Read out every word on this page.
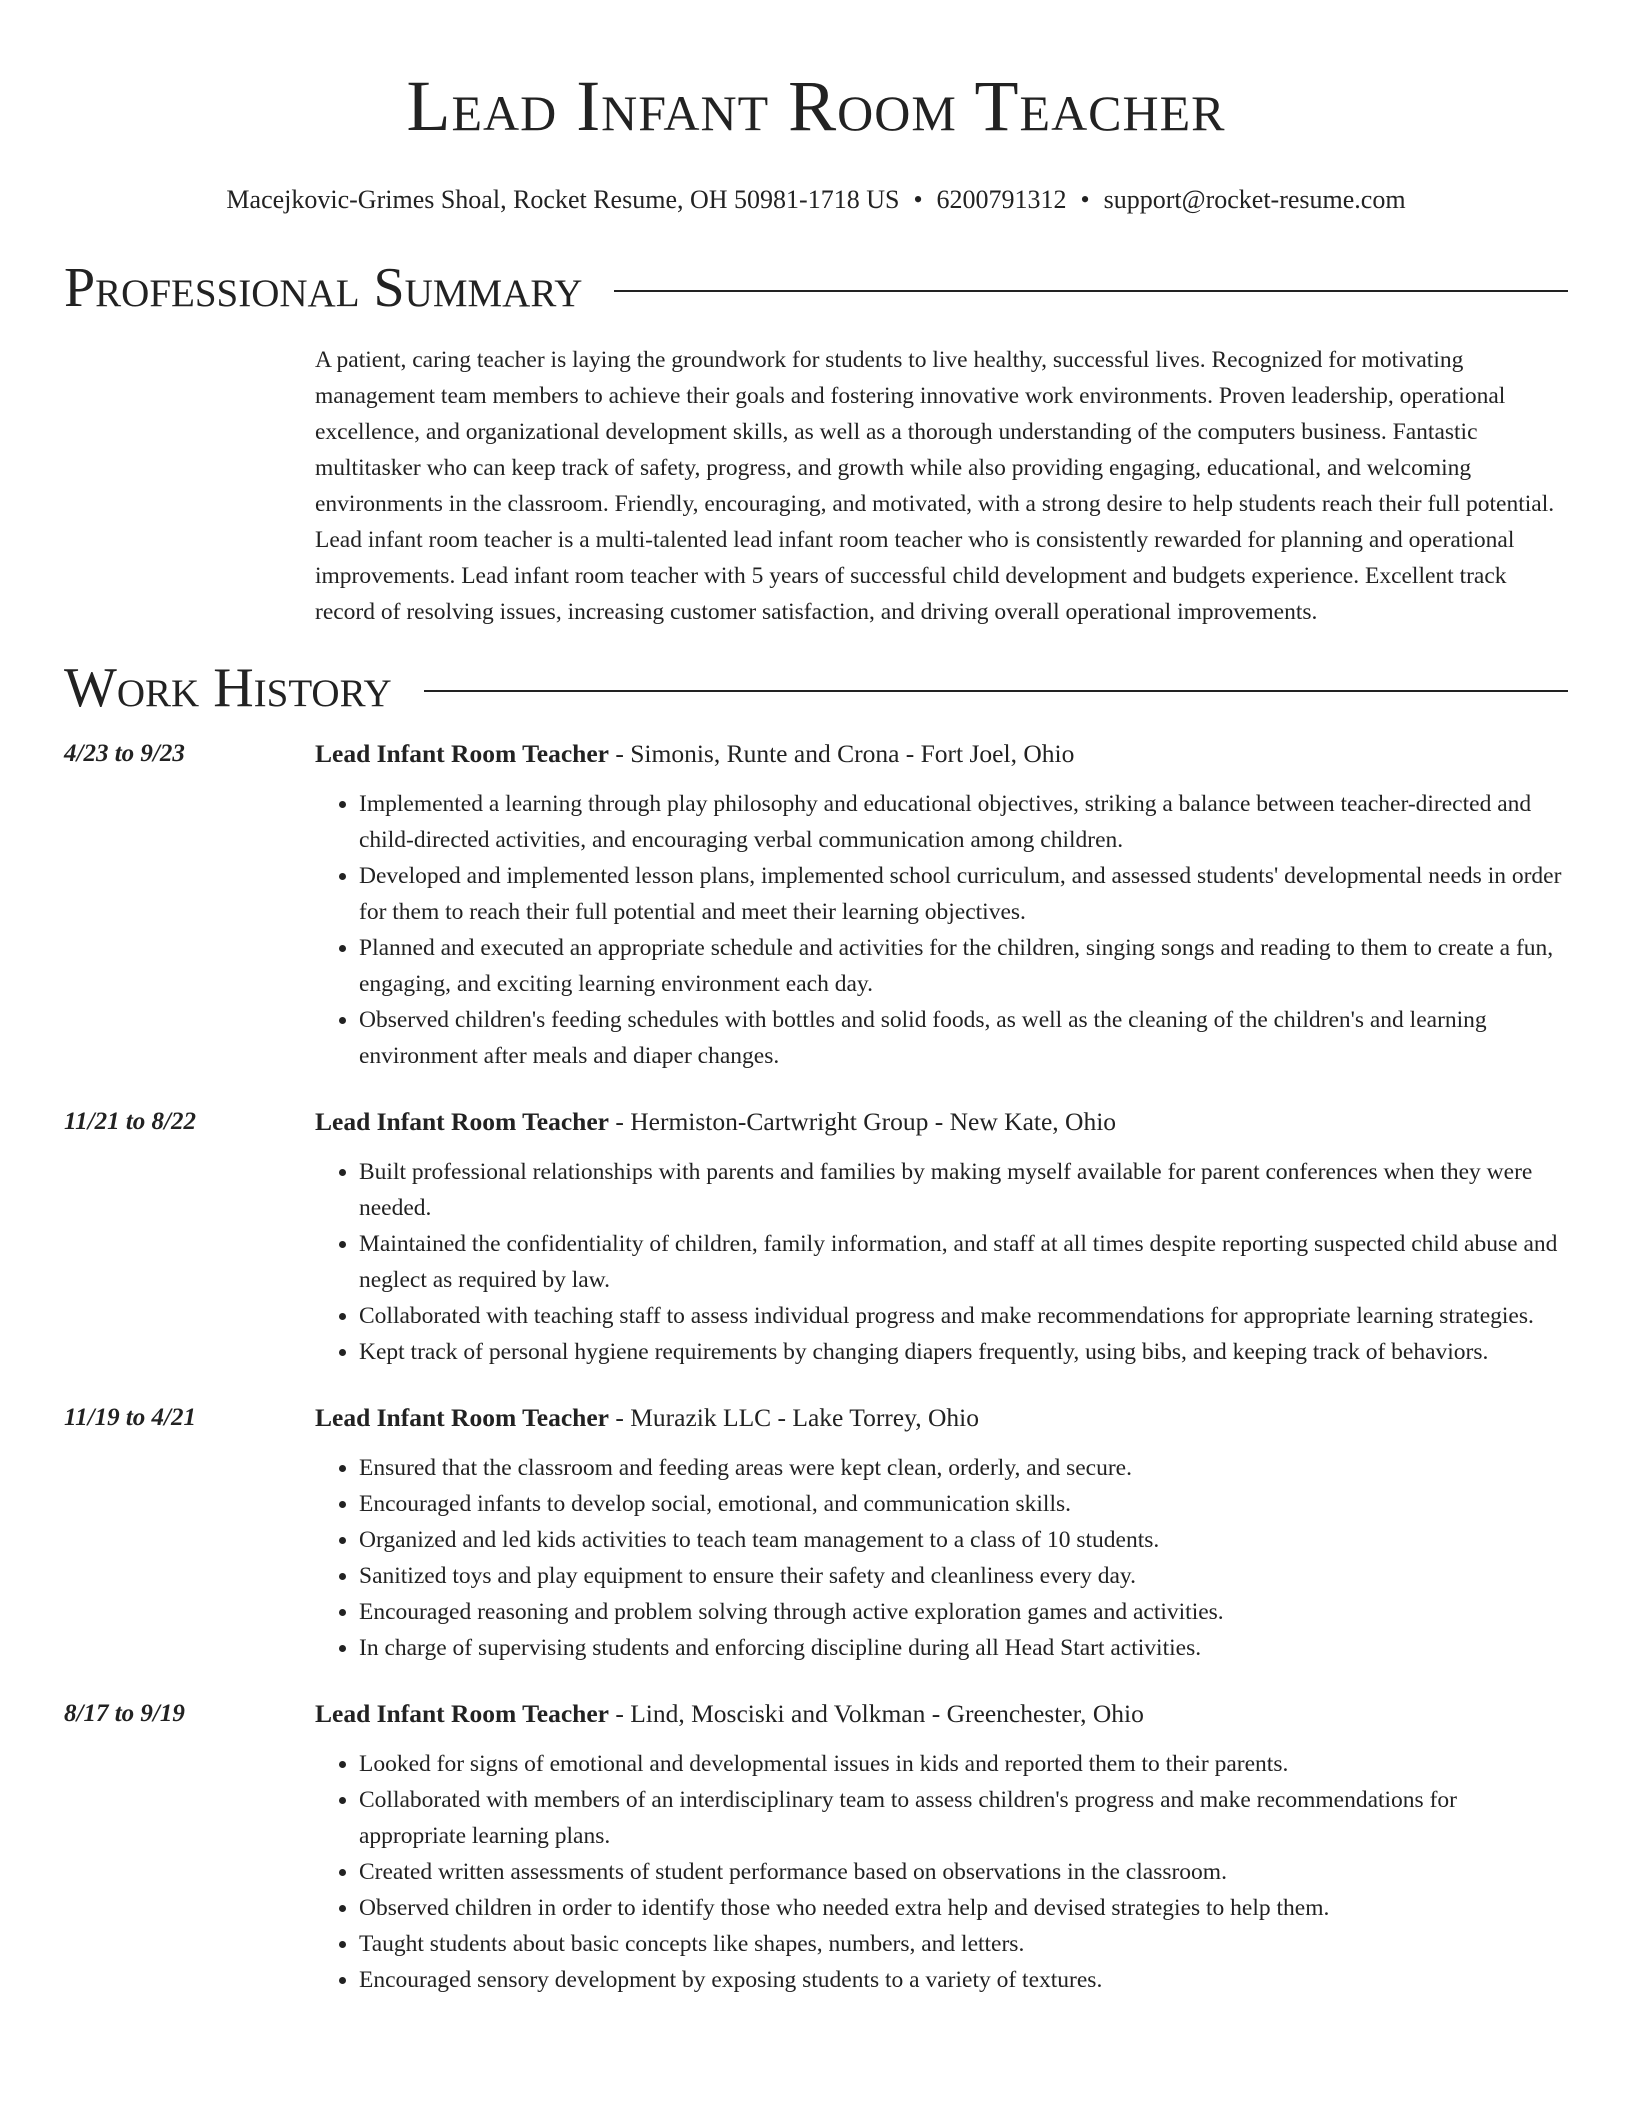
Lead Infant Room Teacher
Macejkovic-Grimes Shoal, Rocket Resume, OH 50981-1718 US • 6200791312 • support@rocket-resume.com
Professional Summary

A patient, caring teacher is laying the groundwork for students to live healthy, successful lives. Recognized for motivating management team members to achieve their goals and fostering innovative work environments. Proven leadership, operational excellence, and organizational development skills, as well as a thorough understanding of the computers business. Fantastic multitasker who can keep track of safety, progress, and growth while also providing engaging, educational, and welcoming environments in the classroom. Friendly, encouraging, and motivated, with a strong desire to help students reach their full potential. Lead infant room teacher is a multi-talented lead infant room teacher who is consistently rewarded for planning and operational improvements. Lead infant room teacher with 5 years of successful child development and budgets experience. Excellent track record of resolving issues, increasing customer satisfaction, and driving overall operational improvements.

Work History
4/23 to 9/23	Lead Infant Room Teacher - Simonis, Runte and Crona - Fort Joel, Ohio
• Implemented a learning through play philosophy and educational objectives, striking a balance between teacher-directed and child-directed activities, and encouraging verbal communication among children.
• Developed and implemented lesson plans, implemented school curriculum, and assessed students' developmental needs in order for them to reach their full potential and meet their learning objectives.
• Planned and executed an appropriate schedule and activities for the children, singing songs and reading to them to create a fun, engaging, and exciting learning environment each day.
• Observed children's feeding schedules with bottles and solid foods, as well as the cleaning of the children's and learning environment after meals and diaper changes.
11/21 to 8/22	Lead Infant Room Teacher - Hermiston-Cartwright Group - New Kate, Ohio
• Built professional relationships with parents and families by making myself available for parent conferences when they were needed.
• Maintained the confidentiality of children, family information, and staff at all times despite reporting suspected child abuse and neglect as required by law.
• Collaborated with teaching staff to assess individual progress and make recommendations for appropriate learning strategies.
• Kept track of personal hygiene requirements by changing diapers frequently, using bibs, and keeping track of behaviors.
11/19 to 4/21	Lead Infant Room Teacher - Murazik LLC - Lake Torrey, Ohio
• Ensured that the classroom and feeding areas were kept clean, orderly, and secure.
• Encouraged infants to develop social, emotional, and communication skills.
• Organized and led kids activities to teach team management to a class of 10 students.
• Sanitized toys and play equipment to ensure their safety and cleanliness every day.
• Encouraged reasoning and problem solving through active exploration games and activities.
• In charge of supervising students and enforcing discipline during all Head Start activities.
8/17 to 9/19	Lead Infant Room Teacher - Lind, Mosciski and Volkman - Greenchester, Ohio
• Looked for signs of emotional and developmental issues in kids and reported them to their parents.
• Collaborated with members of an interdisciplinary team to assess children's progress and make recommendations for appropriate learning plans.
• Created written assessments of student performance based on observations in the classroom.
• Observed children in order to identify those who needed extra help and devised strategies to help them.
• Taught students about basic concepts like shapes, numbers, and letters.
• Encouraged sensory development by exposing students to a variety of textures.
